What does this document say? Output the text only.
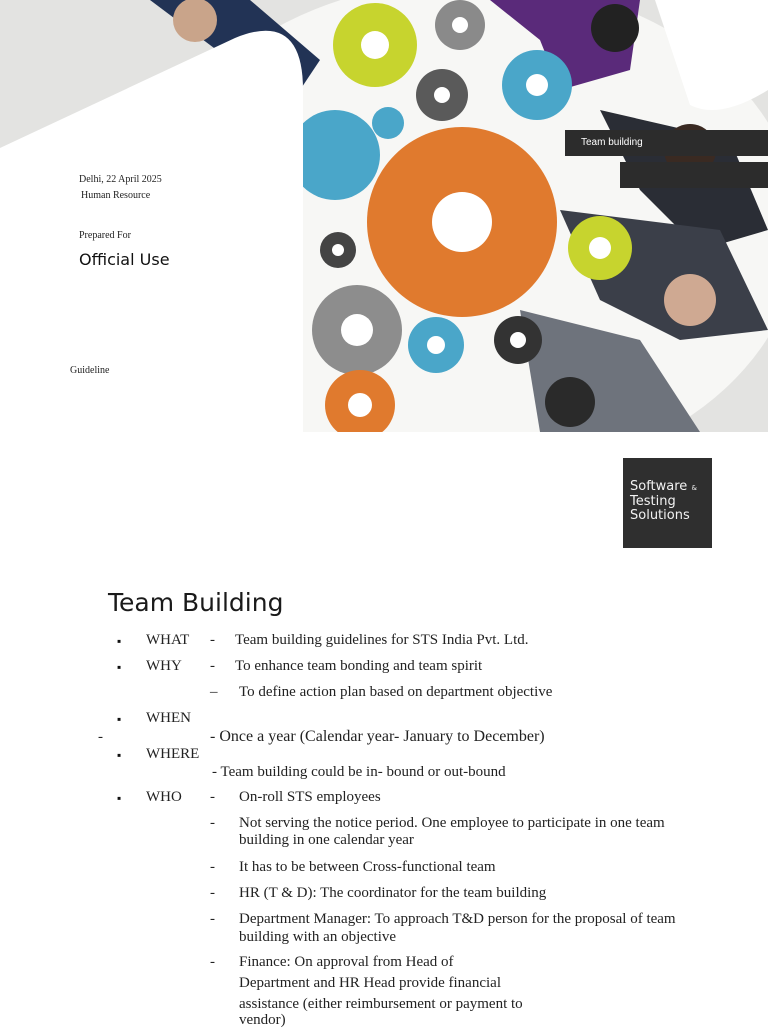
Delhi, 22 April 2025
Human Resource
Prepared For
Official Use
Guideline
Team building
Software &
Testing
Solutions
Team Building
▪ WHAT - Team building guidelines for STS India Pvt. Ltd.
▪ WHY - To enhance team bonding and team spirit
– To define action plan based on department objective
▪ WHEN
-	- Once a year (Calendar year- January to December)
▪ WHERE
- Team building could be in- bound or out-bound
▪ WHO - On-roll STS employees
- Not serving the notice period. One employee to participate in one team
building in one calendar year
- It has to be between Cross-functional team
- HR (T & D): The coordinator for the team building
- Department Manager: To approach T&D person for the proposal of team
building with an objective
- Finance: On approval from Head of
Department and HR Head provide financial
assistance (either reimbursement or payment to
vendor)
